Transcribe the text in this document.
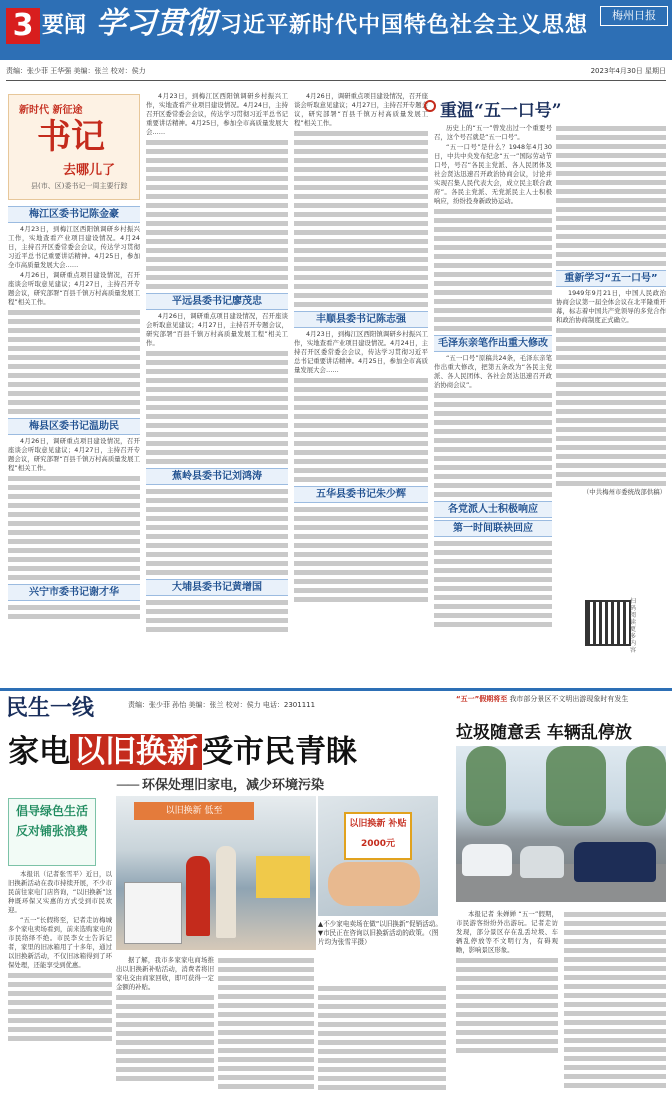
3 要闻 学习贯彻 习近平新时代中国特色社会主义思想	梅州日报
责编：张少菲 王华强 美编：张兰 校对：侯力	2023年4月30日 星期日
新时代 新征途
书记
去哪儿了
县(市、区)委书记一周主要行踪
梅江区委书记陈金豪

4月23日，到梅江区西阳镇调研乡村振兴工作，实地查看产业项目建设情况。4月24日，主持召开区委常委会会议，传达学习贯彻习近平总书记重要讲话精神。4月25日，参加全市高质量发展大会……

4月26日，调研重点项目建设情况，召开座谈会听取意见建议；4月27日，主持召开专题会议，研究部署“百县千镇万村高质量发展工程”相关工作。

梅县区委书记温助民

4月26日，调研重点项目建设情况，召开座谈会听取意见建议；4月27日，主持召开专题会议，研究部署“百县千镇万村高质量发展工程”相关工作。

兴宁市委书记谢才华

4月23日，到梅江区西阳镇调研乡村振兴工作，实地查看产业项目建设情况。4月24日，主持召开区委常委会会议，传达学习贯彻习近平总书记重要讲话精神。4月25日，参加全市高质量发展大会……

平远县委书记廖茂忠

4月26日，调研重点项目建设情况，召开座谈会听取意见建议；4月27日，主持召开专题会议，研究部署“百县千镇万村高质量发展工程”相关工作。

蕉岭县委书记刘鸿涛
大埔县委书记黄增国

4月26日，调研重点项目建设情况，召开座谈会听取意见建议；4月27日，主持召开专题会议，研究部署“百县千镇万村高质量发展工程”相关工作。

丰顺县委书记陈志强

4月23日，到梅江区西阳镇调研乡村振兴工作，实地查看产业项目建设情况。4月24日，主持召开区委常委会会议，传达学习贯彻习近平总书记重要讲话精神。4月25日，参加全市高质量发展大会……

五华县委书记朱少辉
重温“五一口号”

历史上的“五一”曾发出过一个重要号召，这个号召就是“五一口号”。

“五一口号”是什么？1948年4月30日，中共中央发布纪念“五一”国际劳动节口号，号召“各民主党派、各人民团体及社会贤达迅速召开政治协商会议，讨论并实现召集人民代表大会，成立民主联合政府”。各民主党派、无党派民主人士积极响应，纷纷投身新政协运动。

毛泽东亲笔作出重大修改

“五一口号”原稿共24条，毛泽东亲笔作出重大修改，把第五条改为“各民主党派、各人民团体、各社会贤达迅速召开政治协商会议”。

各党派人士积极响应
第一时间联袂回应
重新学习“五一口号”

1949年9月21日，中国人民政治协商会议第一届全体会议在北平隆重开幕，标志着中国共产党领导的多党合作和政治协商制度正式确立。

（中共梅州市委统战部供稿）

扫码阅读更多内容
民生一线	责编：张少菲 孙怡 美编：张兰 校对：侯力 电话：2301111
家电 以旧换新 受市民青睐
—— 环保处理旧家电，减少环境污染
倡导绿色生活
反对铺张浪费

本报讯（记者张雪平）近日，以旧换新活动在我市持续开展，不少市民前往家电门店咨询，“以旧换新”这种既环保又实惠的方式受到市民欢迎。

“五一”长假将至，记者走访梅城多个家电卖场看到，前来选购家电的市民络绎不绝。市民李女士告诉记者，家里的旧冰箱用了十多年，通过以旧换新活动，不仅旧冰箱得到了环保处理，还能享受到优惠。

以旧换新 低至
以旧换新 补贴2000元
▲不少家电卖场在做“以旧换新”促销活动。▼市民正在咨询以旧换新活动的政策。（图片均为张雪平摄）

据了解，我市多家家电商场推出以旧换新补贴活动，消费者将旧家电交由商家回收，即可获得一定金额的补贴。

“五一”假期将至 我市部分景区不文明出游现象时有发生
垃圾随意丢 车辆乱停放

本报记者 朱婵婵 “五一”假期，市民游客纷纷外出游玩。记者走访发现，部分景区存在乱丢垃圾、车辆乱停放等不文明行为，有碍观瞻，影响景区形象。
